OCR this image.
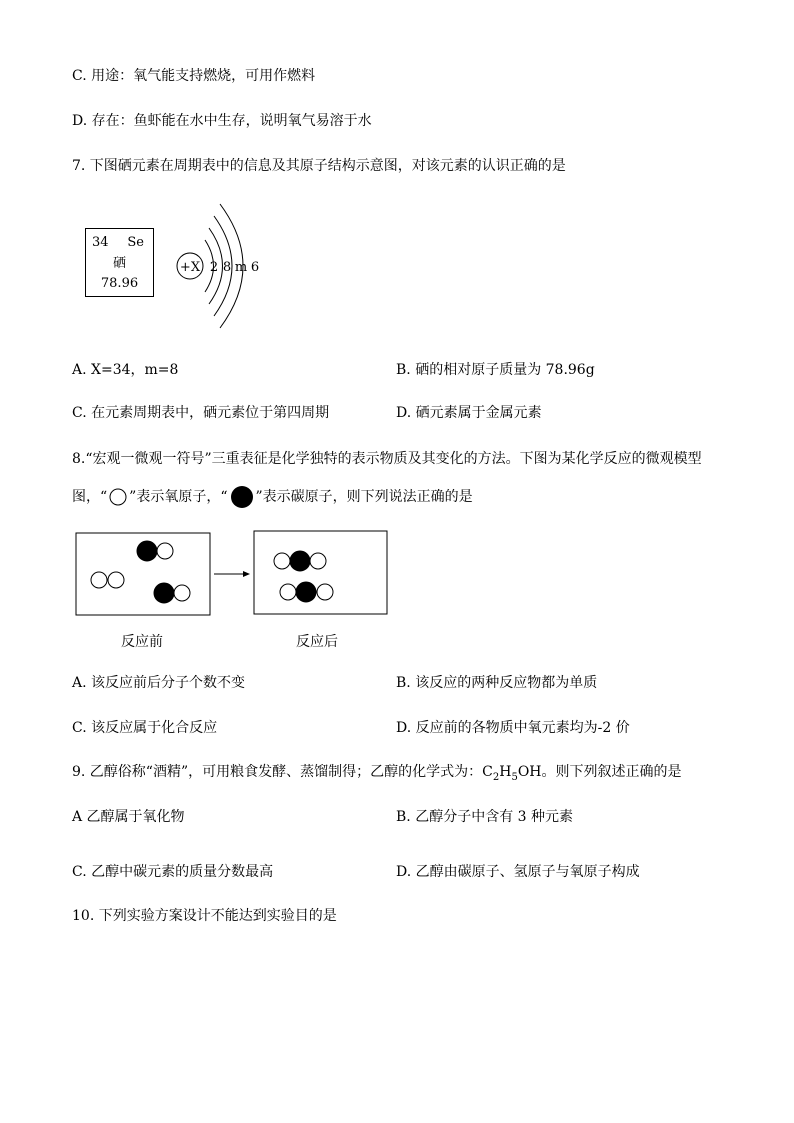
C. 用途：氧气能支持燃烧，可用作燃料
D. 存在：鱼虾能在水中生存，说明氧气易溶于水
7. 下图硒元素在周期表中的信息及其原子结构示意图，对该元素的认识正确的是
34 Se
硒
78.96
+X 2 8 m 6
A. X=34，m=8	B. 硒的相对原子质量为 78.96g
C. 在元素周期表中，硒元素位于第四周期	D. 硒元素属于金属元素
8.“宏观一微观一符号”三重表征是化学独特的表示物质及其变化的方法。下图为某化学反应的微观模型
图，“ ”表示氧原子，“ ”表示碳原子，则下列说法正确的是
反应前	反应后
A. 该反应前后分子个数不变	B. 该反应的两种反应物都为单质
C. 该反应属于化合反应	D. 反应前的各物质中氧元素均为-2 价
9. 乙醇俗称“酒精”，可用粮食发酵、蒸馏制得；乙醇的化学式为：$C_2H_5OH$。则下列叙述正确的是
A 乙醇属于氧化物	B. 乙醇分子中含有 3 种元素
C. 乙醇中碳元素的质量分数最高	D. 乙醇由碳原子、氢原子与氧原子构成
10. 下列实验方案设计不能达到实验目的是
